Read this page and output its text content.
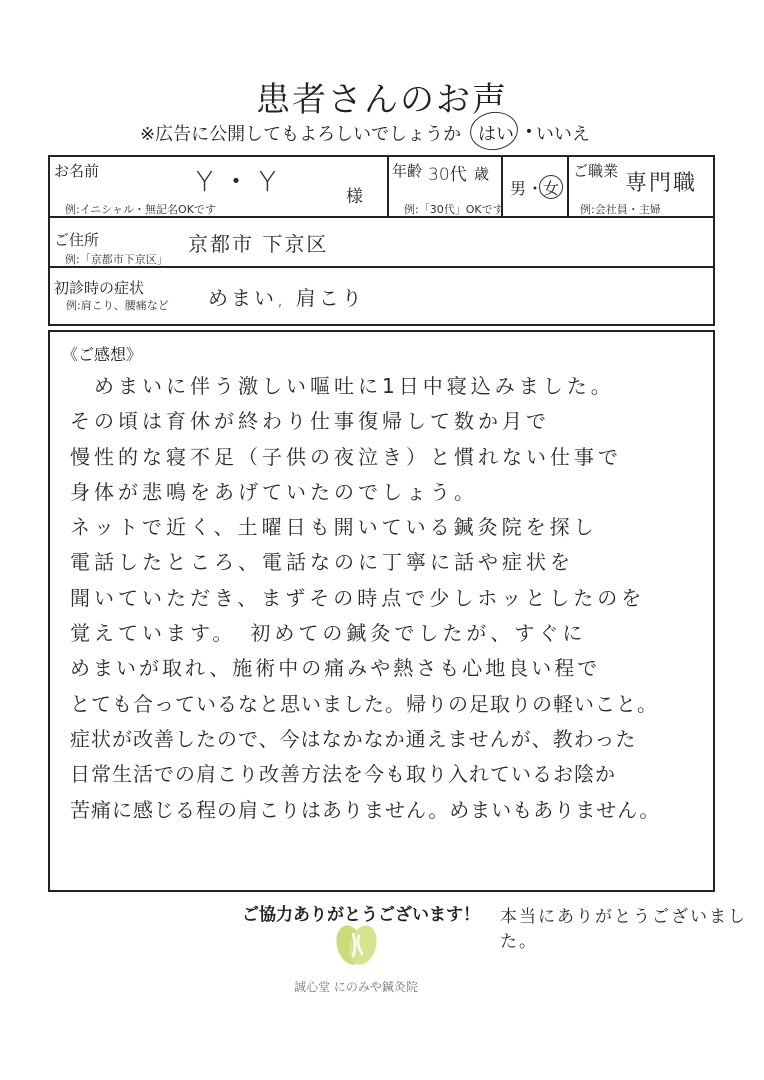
患者さんのお声
※広告に公開してもよろしいでしょうか はい ・
いいえ
お名前	Y ・ Y	様
例:イニシャル・無記名OKです
年齢 30代 歳
例:「30代」OKです
男 ・ 女
ご職業 専門職
例:会社員・主婦
ご住所	京都市 下京区
例:「京都市下京区」
初診時の症状	めまい, 肩こり
例:肩こり、腰痛など
《ご感想》
　めまいに伴う激しい嘔吐に1日中寝込みました。
その頃は育休が終わり仕事復帰して数か月で
慢性的な寝不足（子供の夜泣き）と慣れない仕事で
身体が悲鳴をあげていたのでしょう。
ネットで近く、土曜日も開いている鍼灸院を探し
電話したところ、電話なのに丁寧に話や症状を
聞いていただき、まずその時点で少しホッとしたのを
覚えています。　初めての鍼灸でしたが、すぐに
めまいが取れ、施術中の痛みや熱さも心地良い程で
とても合っているなと思いました。帰りの足取りの軽いこと。
症状が改善したので、今はなかなか通えませんが、教わった
日常生活での肩こり改善方法を今も取り入れているお陰か
苦痛に感じる程の肩こりはありません。めまいもありません。
ご協力ありがとうございます！ 本当にありがとうございました。
誠心堂 にのみや鍼灸院
